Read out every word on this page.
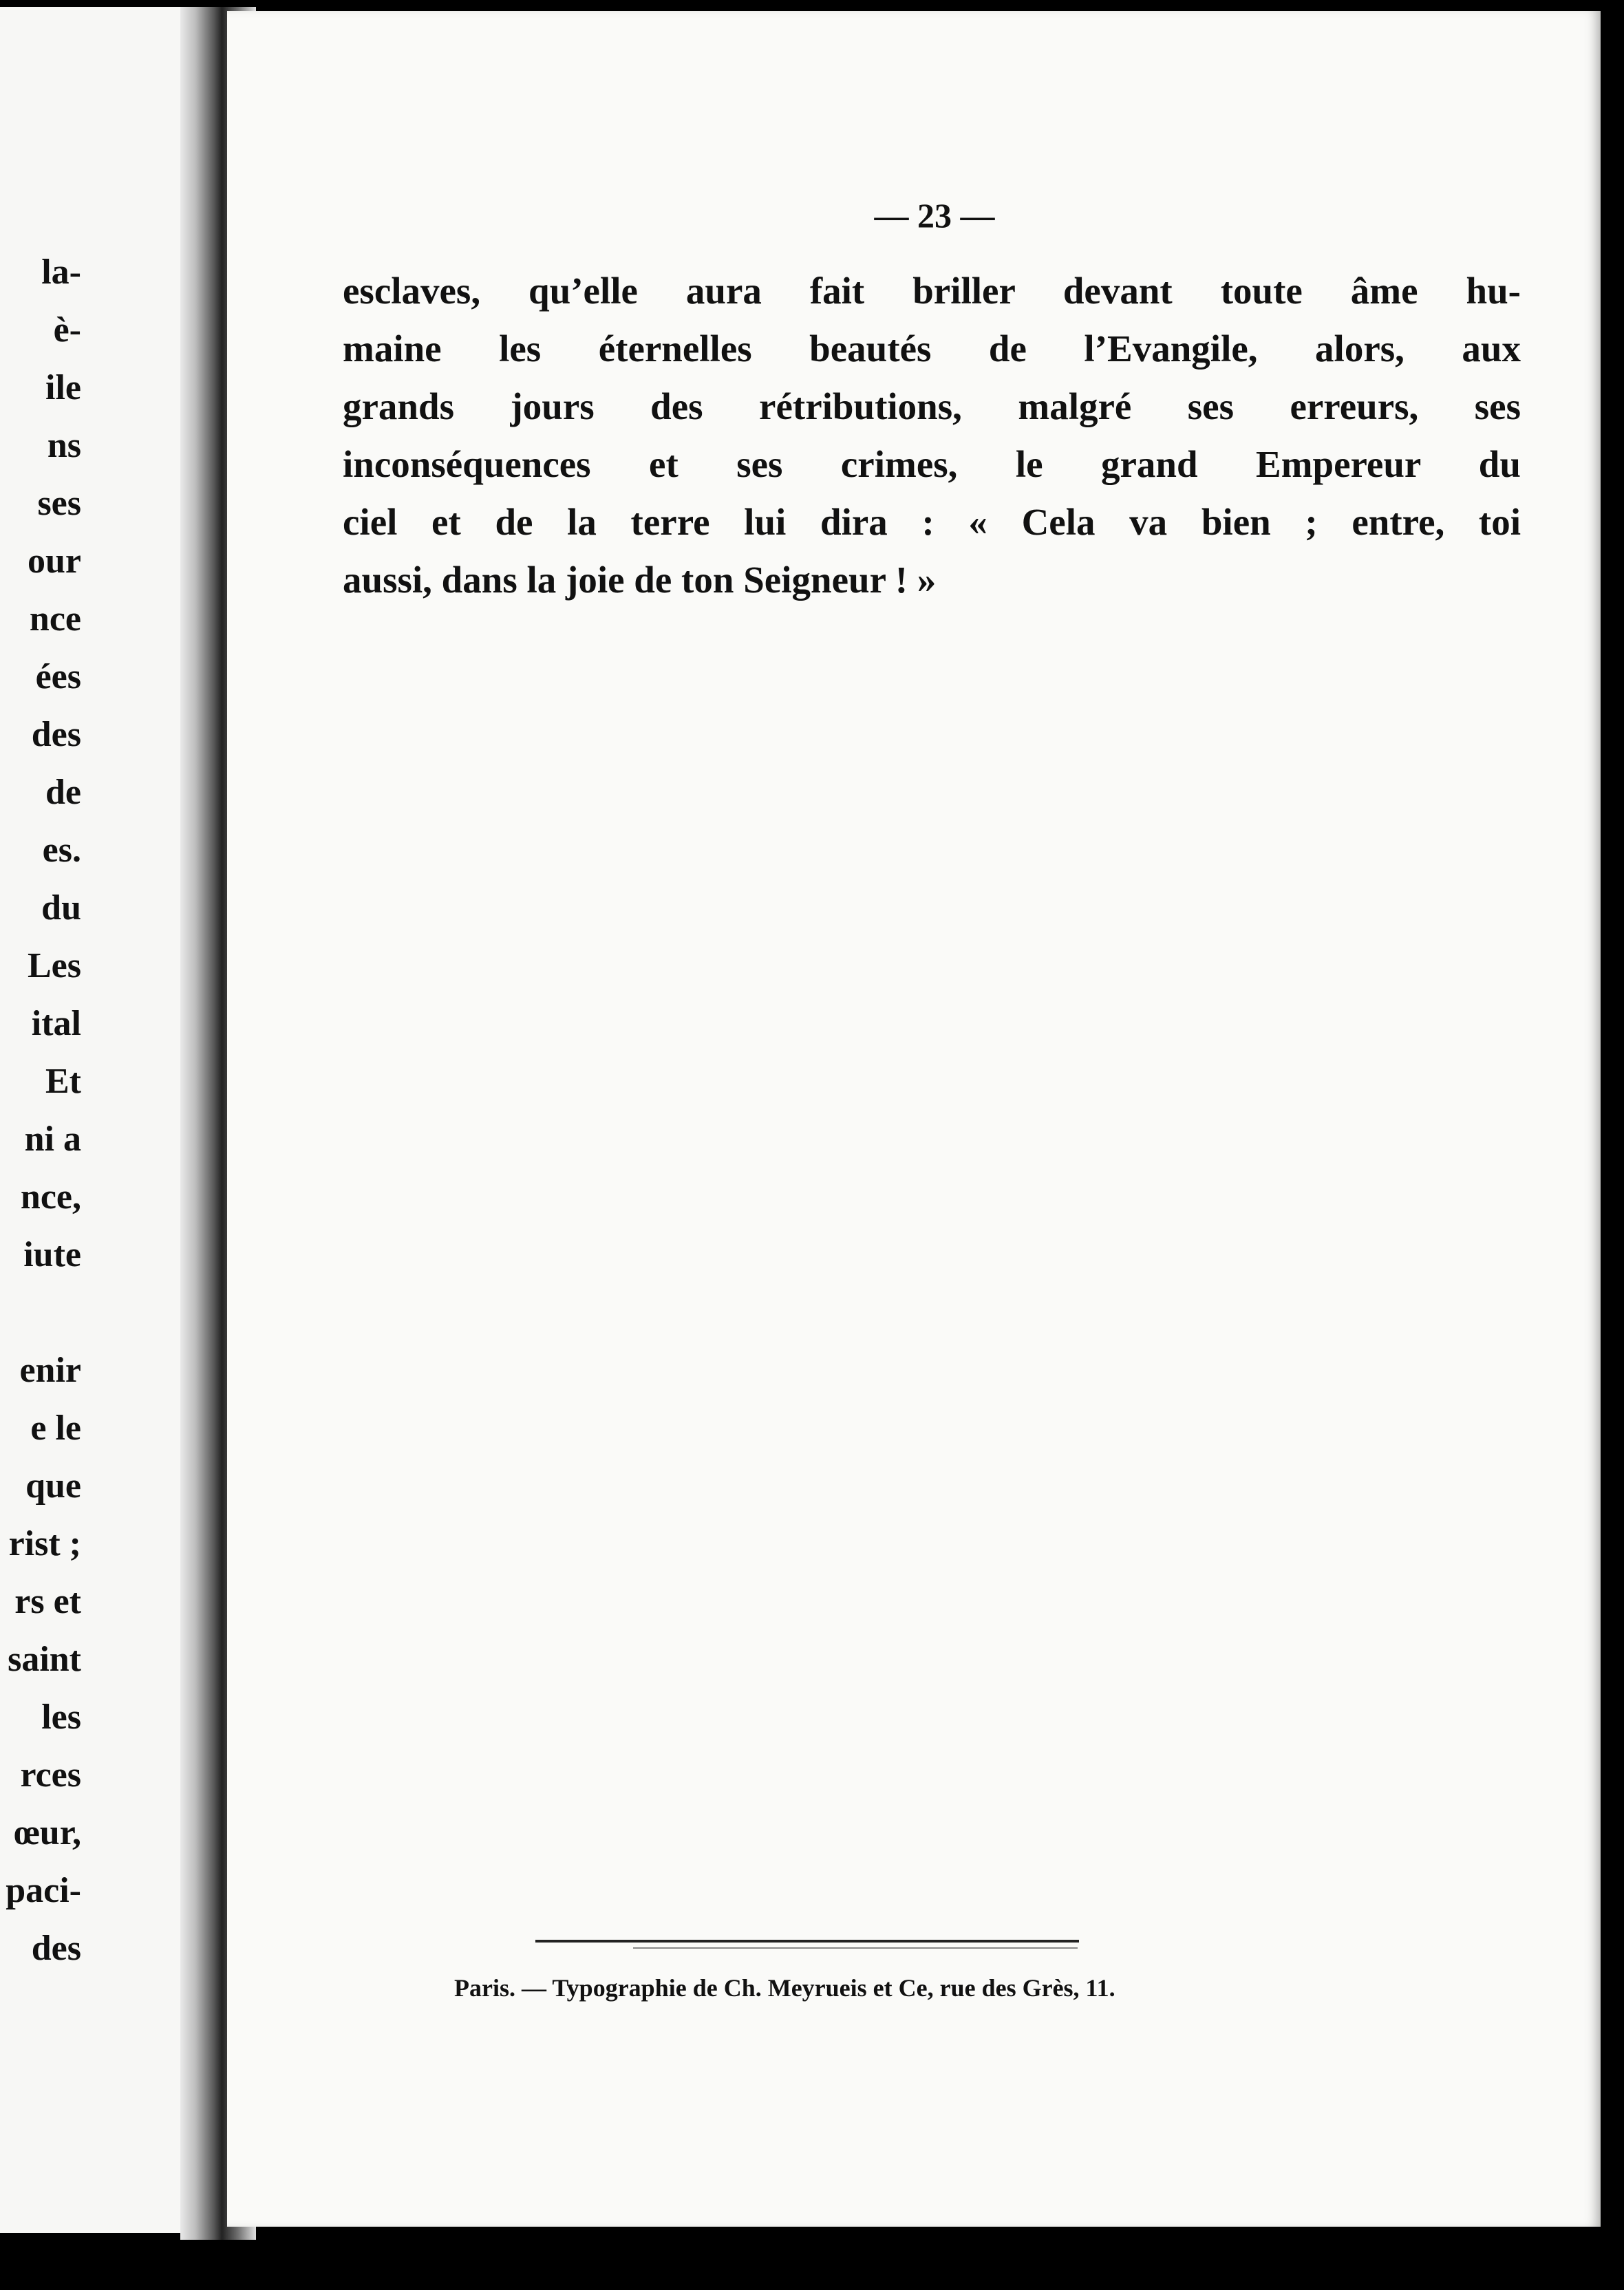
la-
è-
ile
ns
ses
our
nce
ées
des
de
es.
du
Les
ital
Et
ni a
nce,
iute
enir
e le
que
rist ;
rs et
saint
les
rces
œur,
paci-
des
— 23 —
esclaves, qu’elle aura fait briller devant toute âme hu-
maine les éternelles beautés de l’Evangile, alors, aux
grands jours des rétributions, malgré ses erreurs, ses
inconséquences et ses crimes, le grand Empereur du
ciel et de la terre lui dira : « Cela va bien ; entre, toi
aussi, dans la joie de ton Seigneur ! »
Paris. — Typographie de Ch. Meyrueis et Ce, rue des Grès, 11.
